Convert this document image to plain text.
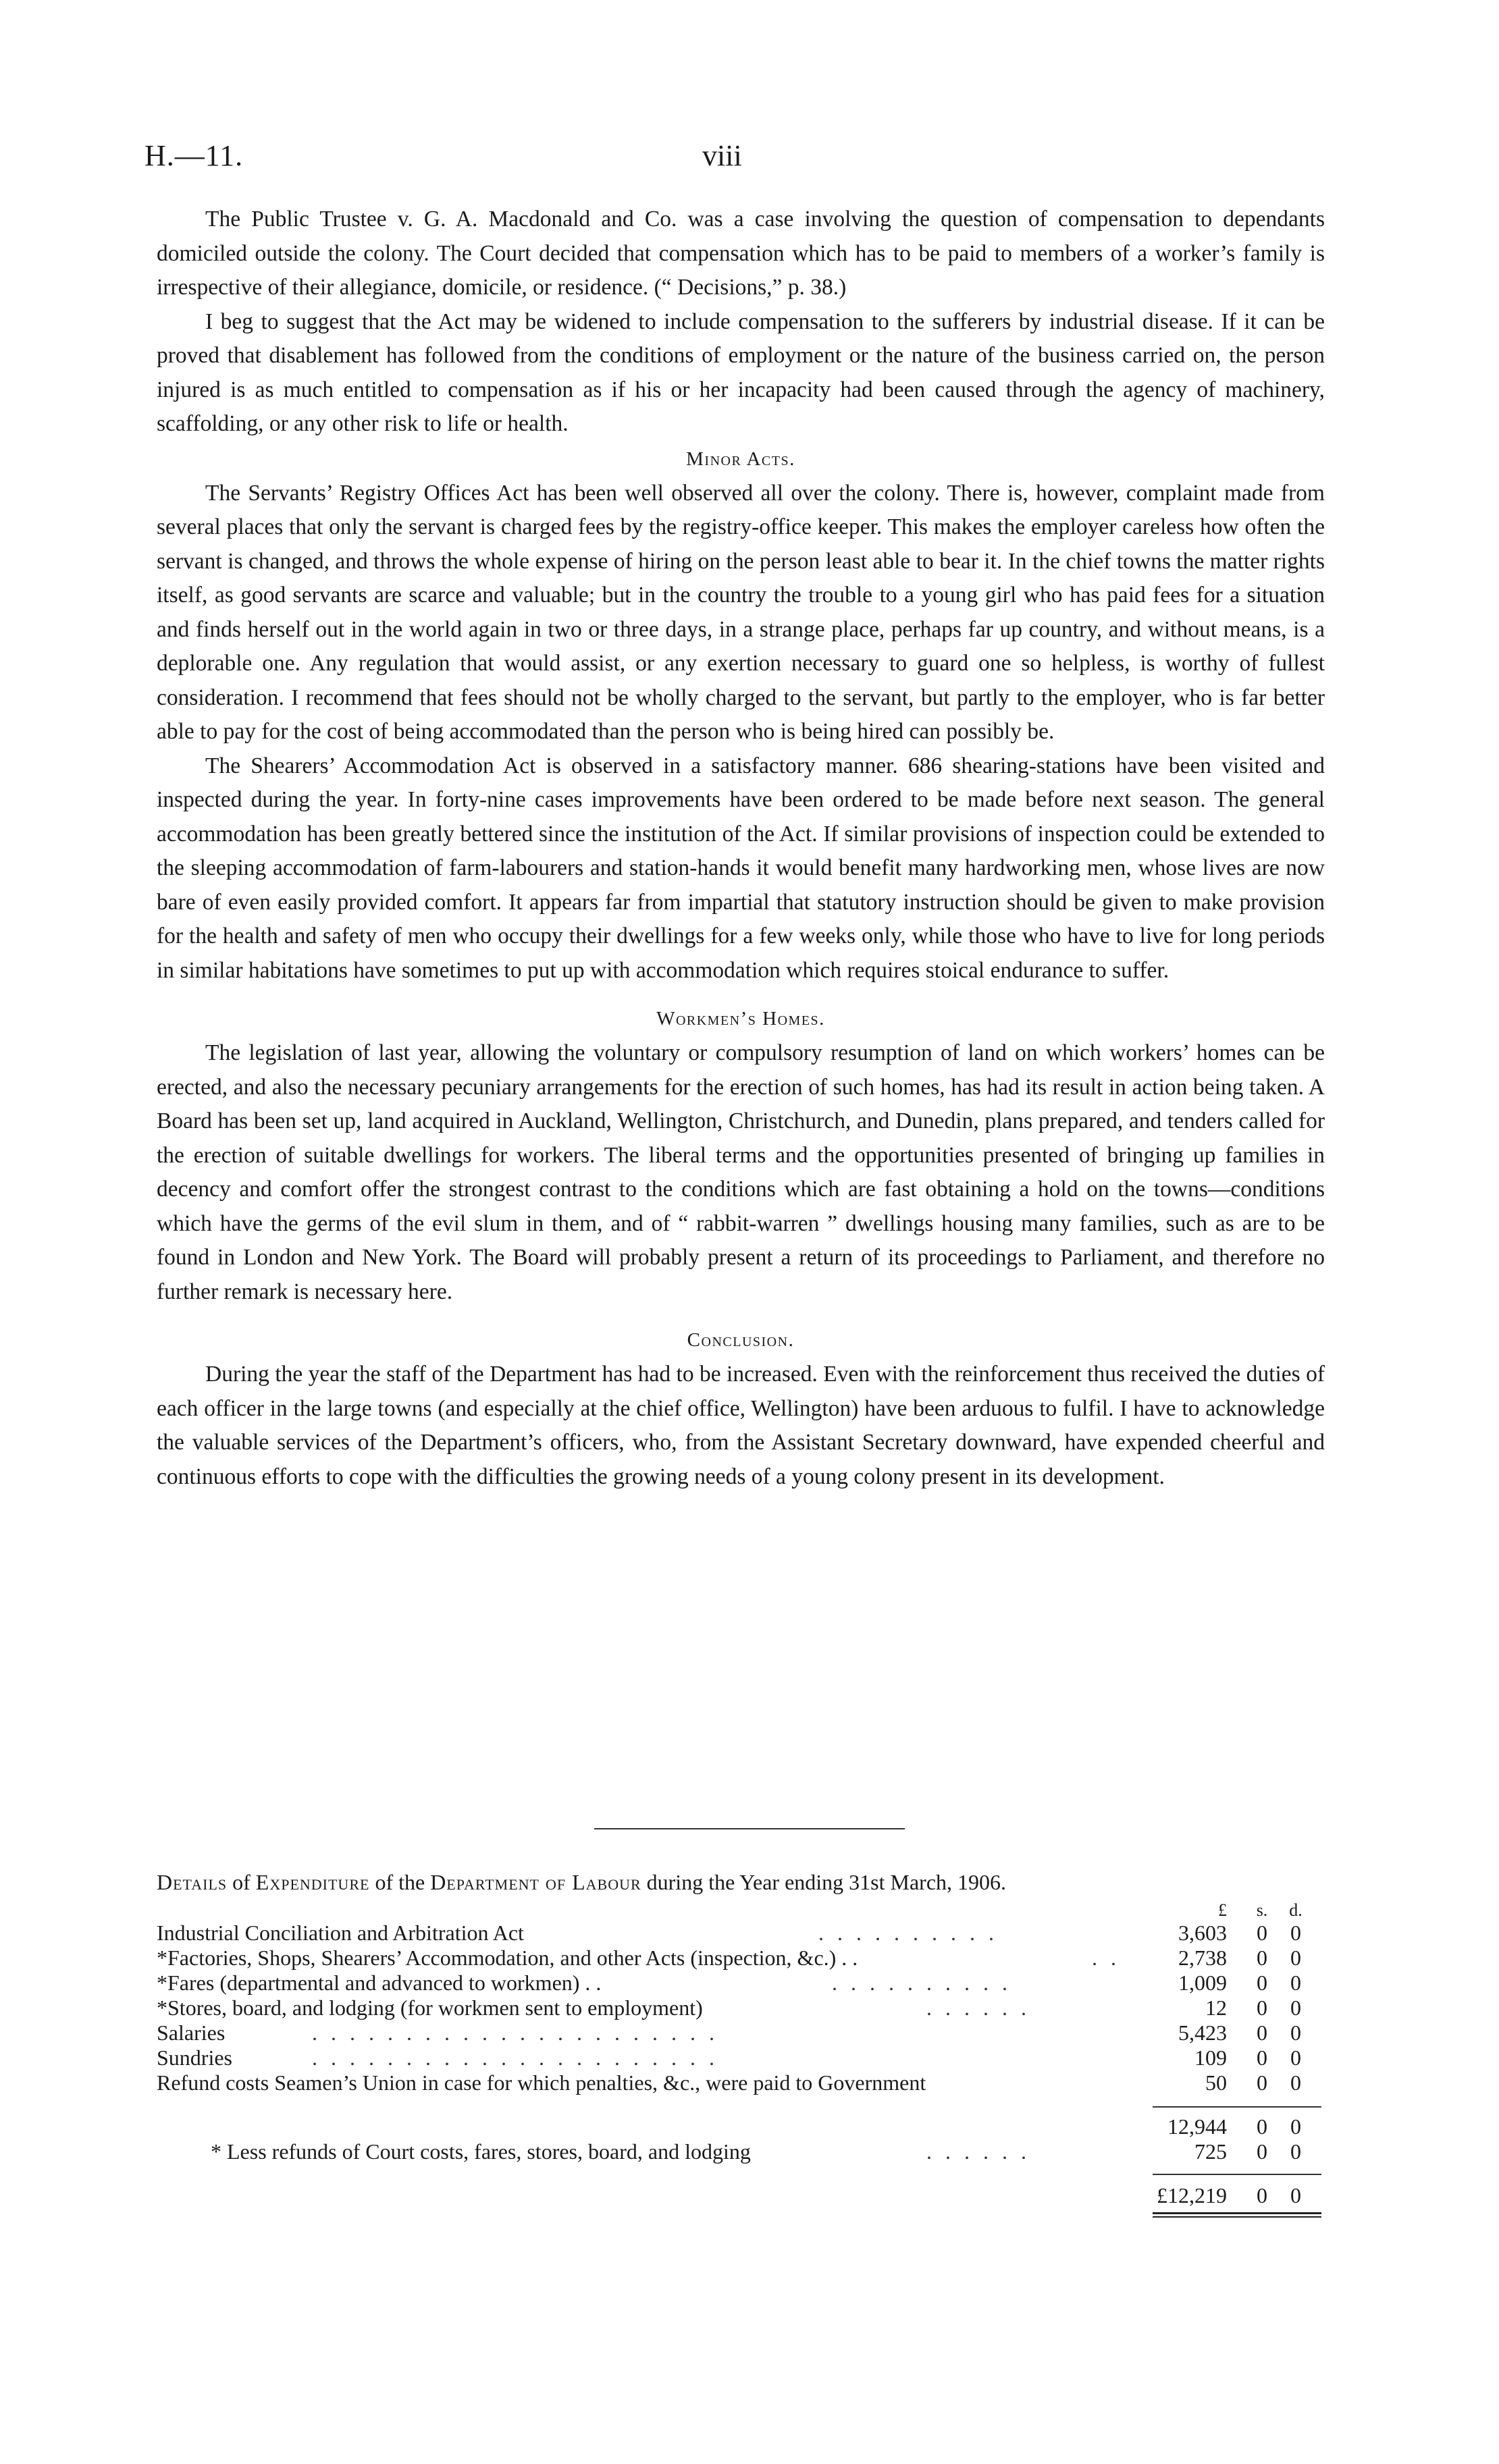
H.—11.	viii

The Public Trustee v. G. A. Macdonald and Co. was a case involving the question of compensation to dependants domiciled outside the colony. The Court decided that compensation which has to be paid to members of a worker’s family is irrespective of their allegiance, domicile, or residence. (“ Decisions,” p. 38.)

I beg to suggest that the Act may be widened to include compensation to the sufferers by industrial disease. If it can be proved that disablement has followed from the conditions of employment or the nature of the business carried on, the person injured is as much entitled to compensation as if his or her incapacity had been caused through the agency of machinery, scaffolding, or any other risk to life or health.

Minor Acts.

The Servants’ Registry Offices Act has been well observed all over the colony. There is, however, complaint made from several places that only the servant is charged fees by the registry-office keeper. This makes the employer careless how often the servant is changed, and throws the whole expense of hiring on the person least able to bear it. In the chief towns the matter rights itself, as good servants are scarce and valuable; but in the country the trouble to a young girl who has paid fees for a situation and finds herself out in the world again in two or three days, in a strange place, perhaps far up country, and without means, is a deplorable one. Any regulation that would assist, or any exertion necessary to guard one so helpless, is worthy of fullest consideration. I recommend that fees should not be wholly charged to the servant, but partly to the employer, who is far better able to pay for the cost of being accommodated than the person who is being hired can possibly be.

The Shearers’ Accommodation Act is observed in a satisfactory manner. 686 shearing-stations have been visited and inspected during the year. In forty-nine cases improvements have been ordered to be made before next season. The general accommodation has been greatly bettered since the institution of the Act. If similar provisions of inspection could be extended to the sleeping accommodation of farm-labourers and station-hands it would benefit many hardworking men, whose lives are now bare of even easily provided comfort. It appears far from impartial that statutory instruction should be given to make provision for the health and safety of men who occupy their dwellings for a few weeks only, while those who have to live for long periods in similar habitations have sometimes to put up with accommodation which requires stoical endurance to suffer.

Workmen’s Homes.

The legislation of last year, allowing the voluntary or compulsory resumption of land on which workers’ homes can be erected, and also the necessary pecuniary arrangements for the erection of such homes, has had its result in action being taken. A Board has been set up, land acquired in Auckland, Wellington, Christchurch, and Dunedin, plans prepared, and tenders called for the erection of suitable dwellings for workers. The liberal terms and the opportunities presented of bringing up families in decency and comfort offer the strongest contrast to the conditions which are fast obtaining a hold on the towns—conditions which have the germs of the evil slum in them, and of “ rabbit-warren ” dwellings housing many families, such as are to be found in London and New York. The Board will probably present a return of its proceedings to Parliament, and therefore no further remark is necessary here.

Conclusion.

During the year the staff of the Department has had to be increased. Even with the reinforcement thus received the duties of each officer in the large towns (and especially at the chief office, Wellington) have been arduous to fulfil. I have to acknowledge the valuable services of the Department’s officers, who, from the Assistant Secretary downward, have expended cheerful and continuous efforts to cope with the difficulties the growing needs of a young colony present in its development.

Details of Expenditure of the Department of Labour during the Year ending 31st March, 1906.
£ s. d.
Industrial Conciliation and Arbitration Act	. . . . . . . . . .	3,603 0 0
*Factories, Shops, Shearers’ Accommodation, and other Acts (inspection, &c.) . .	. .	2,738 0 0
*Fares (departmental and advanced to workmen) . .	. . . . . . . . . .	1,009 0 0
*Stores, board, and lodging (for workmen sent to employment)	. . . . . .	12 0 0
Salaries	. . . . . . . . . . . . . . . . . . . . . .	5,423 0 0
Sundries	. . . . . . . . . . . . . . . . . . . . . .	109 0 0
Refund costs Seamen’s Union in case for which penalties, &c., were paid to Government	50 0 0
12,944 0 0
* Less refunds of Court costs, fares, stores, board, and lodging	. . . . . .	725 0 0
£12,219 0 0
